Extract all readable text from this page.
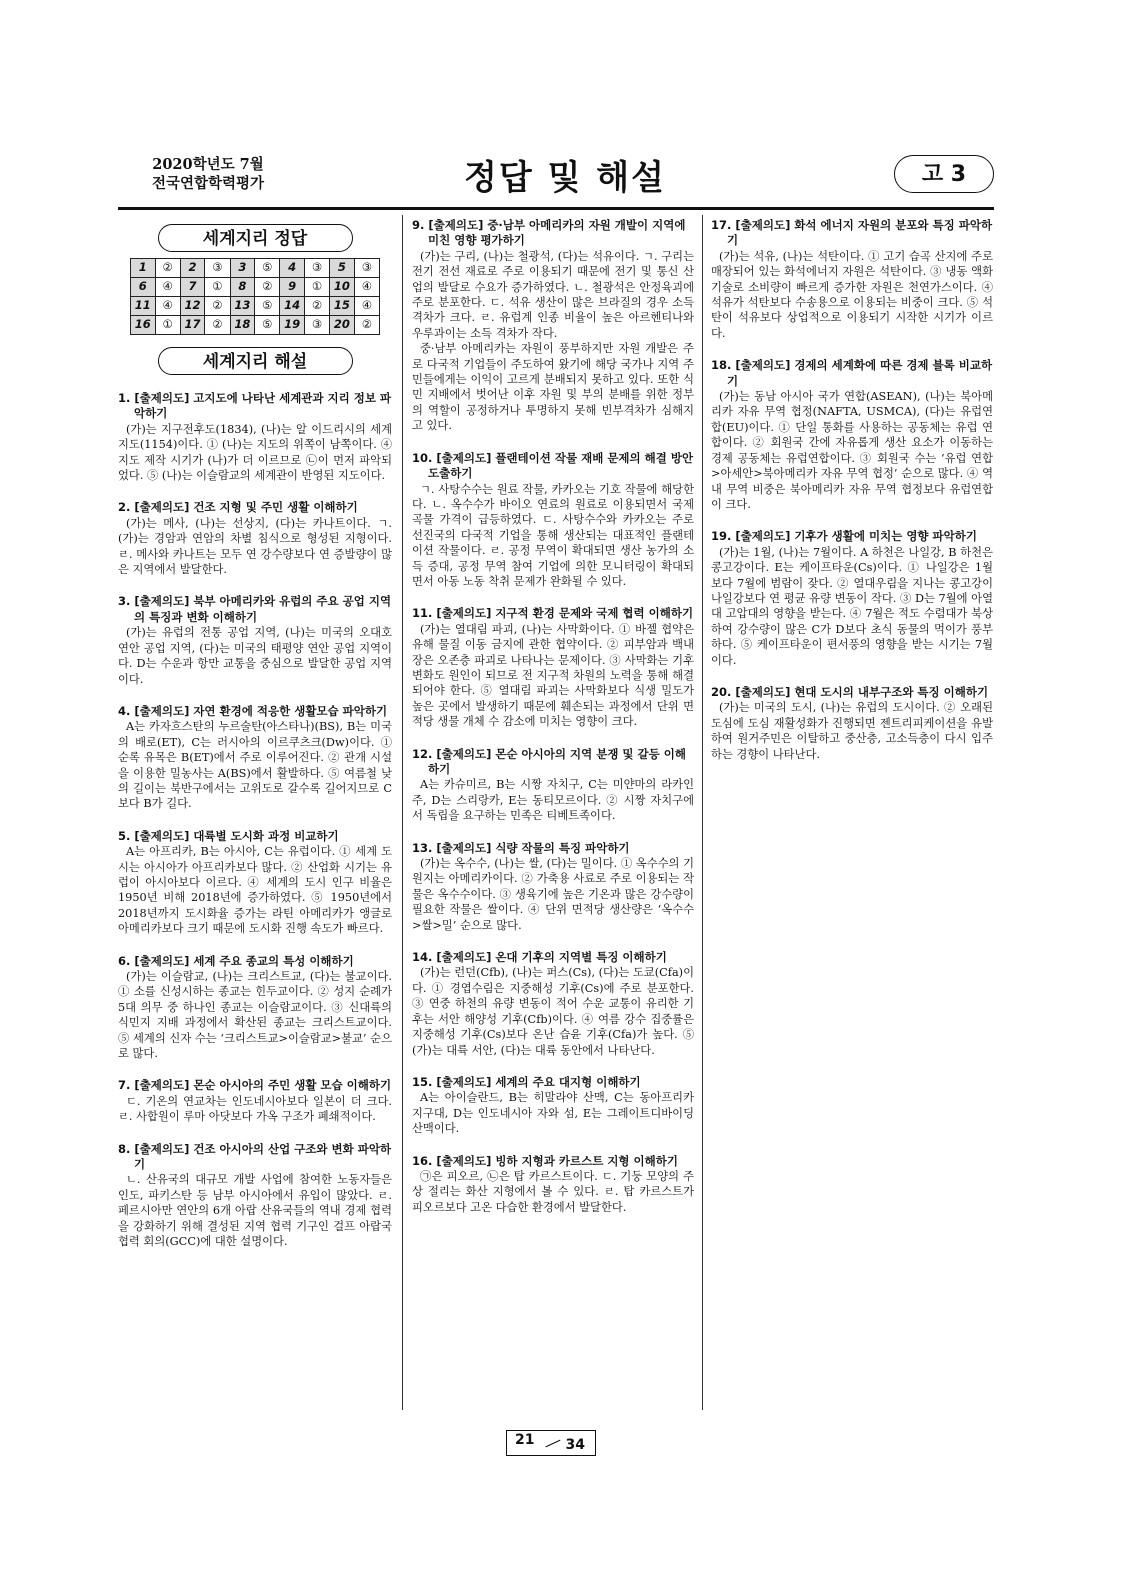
2020학년도 7월
전국연합학력평가	정답 및 해설	고 3
세계지리 정답
1	②	2	③	3	⑤	4	③	5	③
6	④	7	①	8	②	9	①	10	④
11	④	12	②	13	⑤	14	②	15	④
16	①	17	②	18	⑤	19	③	20	②
세계지리 해설
1. [출제의도] 고지도에 나타난 세계관과 지리 정보 파악하기

(가)는 지구전후도(1834), (나)는 알 이드리시의 세계 지도(1154)이다. ① (나)는 지도의 위쪽이 남쪽이다. ④ 지도 제작 시기가 (나)가 더 이르므로 ㉡이 먼저 파악되었다. ⑤ (나)는 이슬람교의 세계관이 반영된 지도이다.

2. [출제의도] 건조 지형 및 주민 생활 이해하기

(가)는 메사, (나)는 선상지, (다)는 카나트이다. ㄱ. (가)는 경암과 연암의 차별 침식으로 형성된 지형이다. ㄹ. 메사와 카나트는 모두 연 강수량보다 연 증발량이 많은 지역에서 발달한다.

3. [출제의도] 북부 아메리카와 유럽의 주요 공업 지역의 특징과 변화 이해하기

(가)는 유럽의 전통 공업 지역, (나)는 미국의 오대호 연안 공업 지역, (다)는 미국의 태평양 연안 공업 지역이다. D는 수운과 항만 교통을 중심으로 발달한 공업 지역이다.

4. [출제의도] 자연 환경에 적응한 생활모습 파악하기

A는 카자흐스탄의 누르술탄(아스타나)(BS), B는 미국의 배로(ET), C는 러시아의 이르쿠츠크(Dw)이다. ① 순록 유목은 B(ET)에서 주로 이루어진다. ② 관개 시설을 이용한 밀농사는 A(BS)에서 활발하다. ⑤ 여름철 낮의 길이는 북반구에서는 고위도로 갈수록 길어지므로 C보다 B가 길다.

5. [출제의도] 대륙별 도시화 과정 비교하기

A는 아프리카, B는 아시아, C는 유럽이다. ① 세계 도시는 아시아가 아프리카보다 많다. ② 산업화 시기는 유럽이 아시아보다 이르다. ④ 세계의 도시 인구 비율은 1950년 비해 2018년에 증가하였다. ⑤ 1950년에서 2018년까지 도시화율 증가는 라틴 아메리카가 앵글로아메리카보다 크기 때문에 도시화 진행 속도가 빠르다.

6. [출제의도] 세계 주요 종교의 특성 이해하기

(가)는 이슬람교, (나)는 크리스트교, (다)는 불교이다. ① 소를 신성시하는 종교는 힌두교이다. ② 성지 순례가 5대 의무 중 하나인 종교는 이슬람교이다. ③ 신대륙의 식민지 지배 과정에서 확산된 종교는 크리스트교이다. ⑤ 세계의 신자 수는 ‘크리스트교>이슬람교>불교’ 순으로 많다.

7. [출제의도] 몬순 아시아의 주민 생활 모습 이해하기

ㄷ. 기온의 연교차는 인도네시아보다 일본이 더 크다. ㄹ. 사합원이 루마 아닷보다 가옥 구조가 폐쇄적이다.

8. [출제의도] 건조 아시아의 산업 구조와 변화 파악하기

ㄴ. 산유국의 대규모 개발 사업에 참여한 노동자들은 인도, 파키스탄 등 남부 아시아에서 유입이 많았다. ㄹ. 페르시아만 연안의 6개 아랍 산유국들의 역내 경제 협력을 강화하기 위해 결성된 지역 협력 기구인 걸프 아랍국 협력 회의(GCC)에 대한 설명이다.

9. [출제의도] 중·남부 아메리카의 자원 개발이 지역에 미친 영향 평가하기

(가)는 구리, (나)는 철광석, (다)는 석유이다. ㄱ. 구리는 전기 전선 재료로 주로 이용되기 때문에 전기 및 통신 산업의 발달로 수요가 증가하였다. ㄴ. 철광석은 안정육괴에 주로 분포한다. ㄷ. 석유 생산이 많은 브라질의 경우 소득 격차가 크다. ㄹ. 유럽계 인종 비율이 높은 아르헨티나와 우루과이는 소득 격차가 작다.

중·남부 아메리카는 자원이 풍부하지만 자원 개발은 주로 다국적 기업들이 주도하여 왔기에 해당 국가나 지역 주민들에게는 이익이 고르게 분배되지 못하고 있다. 또한 식민 지배에서 벗어난 이후 자원 및 부의 분배를 위한 정부의 역할이 공정하거나 투명하지 못해 빈부격차가 심해지고 있다.

10. [출제의도] 플랜테이션 작물 재배 문제의 해결 방안 도출하기

ㄱ. 사탕수수는 원료 작물, 카카오는 기호 작물에 해당한다. ㄴ. 옥수수가 바이오 연료의 원료로 이용되면서 국제 곡물 가격이 급등하였다. ㄷ. 사탕수수와 카카오는 주로 선진국의 다국적 기업을 통해 생산되는 대표적인 플랜테이션 작물이다. ㄹ. 공정 무역이 확대되면 생산 농가의 소득 증대, 공정 무역 참여 기업에 의한 모니터링이 확대되면서 아동 노동 착취 문제가 완화될 수 있다.

11. [출제의도] 지구적 환경 문제와 국제 협력 이해하기

(가)는 열대림 파괴, (나)는 사막화이다. ① 바젤 협약은 유해 물질 이동 금지에 관한 협약이다. ② 피부암과 백내장은 오존층 파괴로 나타나는 문제이다. ③ 사막화는 기후 변화도 원인이 되므로 전 지구적 차원의 노력을 통해 해결되어야 한다. ⑤ 열대림 파괴는 사막화보다 식생 밀도가 높은 곳에서 발생하기 때문에 훼손되는 과정에서 단위 면적당 생물 개체 수 감소에 미치는 영향이 크다.

12. [출제의도] 몬순 아시아의 지역 분쟁 및 갈등 이해하기

A는 카슈미르, B는 시짱 자치구, C는 미얀마의 라카인 주, D는 스리랑카, E는 동티모르이다. ② 시짱 자치구에서 독립을 요구하는 민족은 티베트족이다.

13. [출제의도] 식량 작물의 특징 파악하기

(가)는 옥수수, (나)는 쌀, (다)는 밀이다. ① 옥수수의 기원지는 아메리카이다. ② 가축용 사료로 주로 이용되는 작물은 옥수수이다. ③ 생육기에 높은 기온과 많은 강수량이 필요한 작물은 쌀이다. ④ 단위 면적당 생산량은 ‘옥수수>쌀>밀’ 순으로 많다.

14. [출제의도] 온대 기후의 지역별 특징 이해하기

(가)는 런던(Cfb), (나)는 퍼스(Cs), (다)는 도쿄(Cfa)이다. ① 경엽수림은 지중해성 기후(Cs)에 주로 분포한다. ③ 연중 하천의 유량 변동이 적어 수운 교통이 유리한 기후는 서안 해양성 기후(Cfb)이다. ④ 여름 강수 집중률은 지중해성 기후(Cs)보다 온난 습윤 기후(Cfa)가 높다. ⑤ (가)는 대륙 서안, (다)는 대륙 동안에서 나타난다.

15. [출제의도] 세계의 주요 대지형 이해하기

A는 아이슬란드, B는 히말라야 산맥, C는 동아프리카 지구대, D는 인도네시아 자와 섬, E는 그레이트디바이딩 산맥이다.

16. [출제의도] 빙하 지형과 카르스트 지형 이해하기

㉠은 피오르, ㉡은 탑 카르스트이다. ㄷ. 기둥 모양의 주상 절리는 화산 지형에서 볼 수 있다. ㄹ. 탑 카르스트가 피오르보다 고온 다습한 환경에서 발달한다.

17. [출제의도] 화석 에너지 자원의 분포와 특징 파악하기

(가)는 석유, (나)는 석탄이다. ① 고기 습곡 산지에 주로 매장되어 있는 화석에너지 자원은 석탄이다. ③ 냉동 액화 기술로 소비량이 빠르게 증가한 자원은 천연가스이다. ④ 석유가 석탄보다 수송용으로 이용되는 비중이 크다. ⑤ 석탄이 석유보다 상업적으로 이용되기 시작한 시기가 이르다.

18. [출제의도] 경제의 세계화에 따른 경제 블록 비교하기

(가)는 동남 아시아 국가 연합(ASEAN), (나)는 북아메리카 자유 무역 협정(NAFTA, USMCA), (다)는 유럽연합(EU)이다. ① 단일 통화를 사용하는 공동체는 유럽 연합이다. ② 회원국 간에 자유롭게 생산 요소가 이동하는 경제 공동체는 유럽연합이다. ③ 회원국 수는 ‘유럽 연합>아세안>북아메리카 자유 무역 협정’ 순으로 많다. ④ 역내 무역 비중은 북아메리카 자유 무역 협정보다 유럽연합이 크다.

19. [출제의도] 기후가 생활에 미치는 영향 파악하기

(가)는 1월, (나)는 7월이다. A 하천은 나일강, B 하천은 콩고강이다. E는 케이프타운(Cs)이다. ① 나일강은 1월보다 7월에 범람이 잦다. ② 열대우림을 지나는 콩고강이 나일강보다 연 평균 유량 변동이 작다. ③ D는 7월에 아열대 고압대의 영향을 받는다. ④ 7월은 적도 수렴대가 북상하여 강수량이 많은 C가 D보다 초식 동물의 먹이가 풍부하다. ⑤ 케이프타운이 편서풍의 영향을 받는 시기는 7월이다.

20. [출제의도] 현대 도시의 내부구조와 특징 이해하기

(가)는 미국의 도시, (나)는 유럽의 도시이다. ② 오래된 도심에 도심 재활성화가 진행되면 젠트리피케이션을 유발하여 원거주민은 이탈하고 중산층, 고소득층이 다시 입주하는 경향이 나타난다.

21 34
